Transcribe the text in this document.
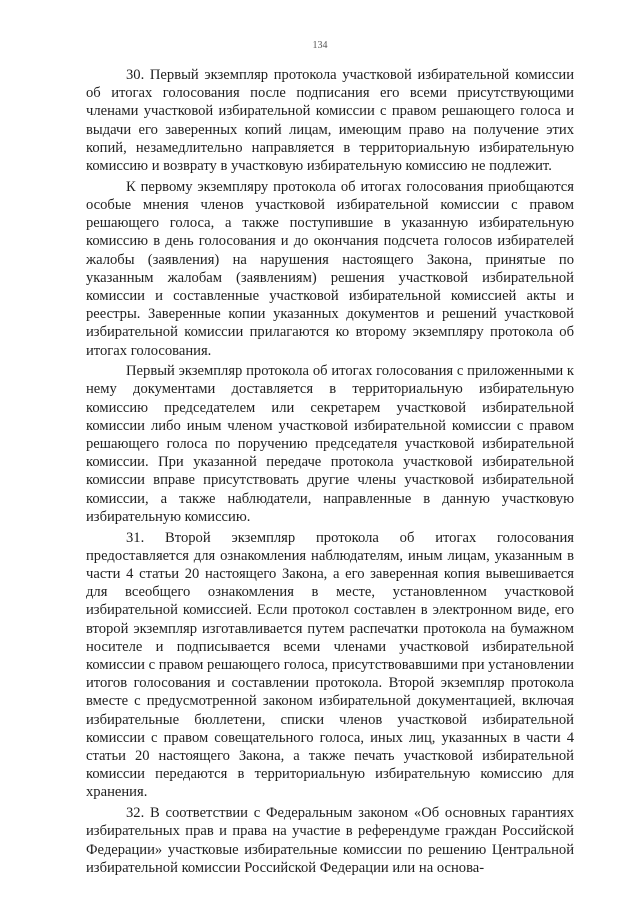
134

30. Первый экземпляр протокола участковой избирательной комиссии об итогах голосования после подписания его всеми присутствующими членами участковой избирательной комиссии с правом решающего голоса и выдачи его заверенных копий лицам, имеющим право на получение этих копий, незамедлительно направляется в территориальную избирательную комиссию и возврату в участковую избирательную комиссию не подлежит.

К первому экземпляру протокола об итогах голосования приобщаются особые мнения членов участковой избирательной комиссии с правом решающего голоса, а также поступившие в указанную избирательную комиссию в день голосования и до окончания подсчета голосов избирателей жалобы (заявления) на нарушения настоящего Закона, принятые по указанным жалобам (заявлениям) решения участковой избирательной комиссии и составленные участковой избирательной комиссией акты и реестры. Заверенные копии указанных документов и решений участковой избирательной комиссии прилагаются ко второму экземпляру протокола об итогах голосования.

Первый экземпляр протокола об итогах голосования с приложенными к нему документами доставляется в территориальную избирательную комиссию председателем или секретарем участковой избирательной комиссии либо иным членом участковой избирательной комиссии с правом решающего голоса по поручению председателя участковой избирательной комиссии. При указанной передаче протокола участковой избирательной комиссии вправе присутствовать другие члены участковой избирательной комиссии, а также наблюдатели, направленные в данную участковую избирательную комиссию.

31. Второй экземпляр протокола об итогах голосования предоставляется для ознакомления наблюдателям, иным лицам, указанным в части 4 статьи 20 настоящего Закона, а его заверенная копия вывешивается для всеобщего ознакомления в месте, установленном участковой избирательной комиссией. Если протокол составлен в электронном виде, его второй экземпляр изготавливается путем распечатки протокола на бумажном носителе и подписывается всеми членами участковой избирательной комиссии с правом решающего голоса, присутствовавшими при установлении итогов голосования и составлении протокола. Второй экземпляр протокола вместе с предусмотренной законом избирательной документацией, включая избирательные бюллетени, списки членов участковой избирательной комиссии с правом совещательного голоса, иных лиц, указанных в части 4 статьи 20 настоящего Закона, а также печать участковой избирательной комиссии передаются в территориальную избирательную комиссию для хранения.

32. В соответствии с Федеральным законом «Об основных гарантиях избирательных прав и права на участие в референдуме граждан Российской Федерации» участковые избирательные комиссии по решению Центральной избирательной комиссии Российской Федерации или на основа-
